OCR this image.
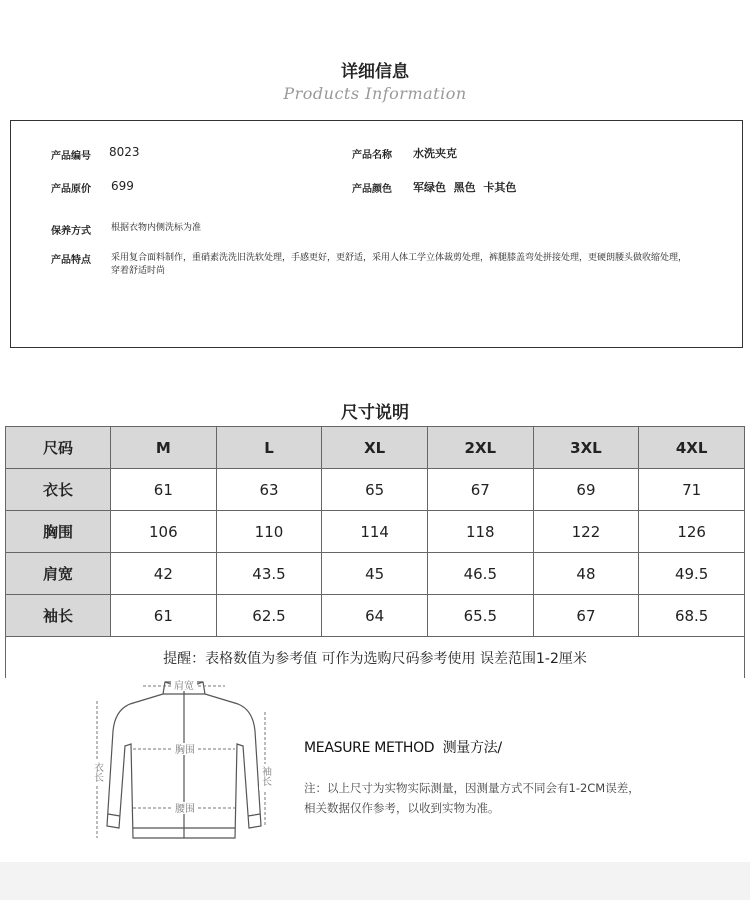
详细信息
Products Information
产品编号 8023	产品名称 水洗夹克
产品原价 699	产品颜色 军绿色  黑色  卡其色
保养方式 根据衣物内侧洗标为准
产品特点 采用复合面料制作，重硝素洗洗旧洗软处理，手感更好，更舒适，采用人体工学立体裁剪处理，裤腿膝盖弯处拼接处理，更硬朗腰头做收缩处理，穿着舒适时尚
尺寸说明
尺码	M	L	XL	2XL	3XL	4XL
衣长	61	63	65	67	69	71
胸围	106	110	114	118	122	126
肩宽	42	43.5	45	46.5	48	49.5
袖长	61	62.5	64	65.5	67	68.5
提醒：表格数值为参考值 可作为选购尺码参考使用 误差范围1-2厘米						
肩宽
胸围
腰围
衣长	袖长
MEASURE METHOD  测量方法/
注：以上尺寸为实物实际测量，因测量方式不同会有1-2CM误差，
相关数据仅作参考，以收到实物为准。
